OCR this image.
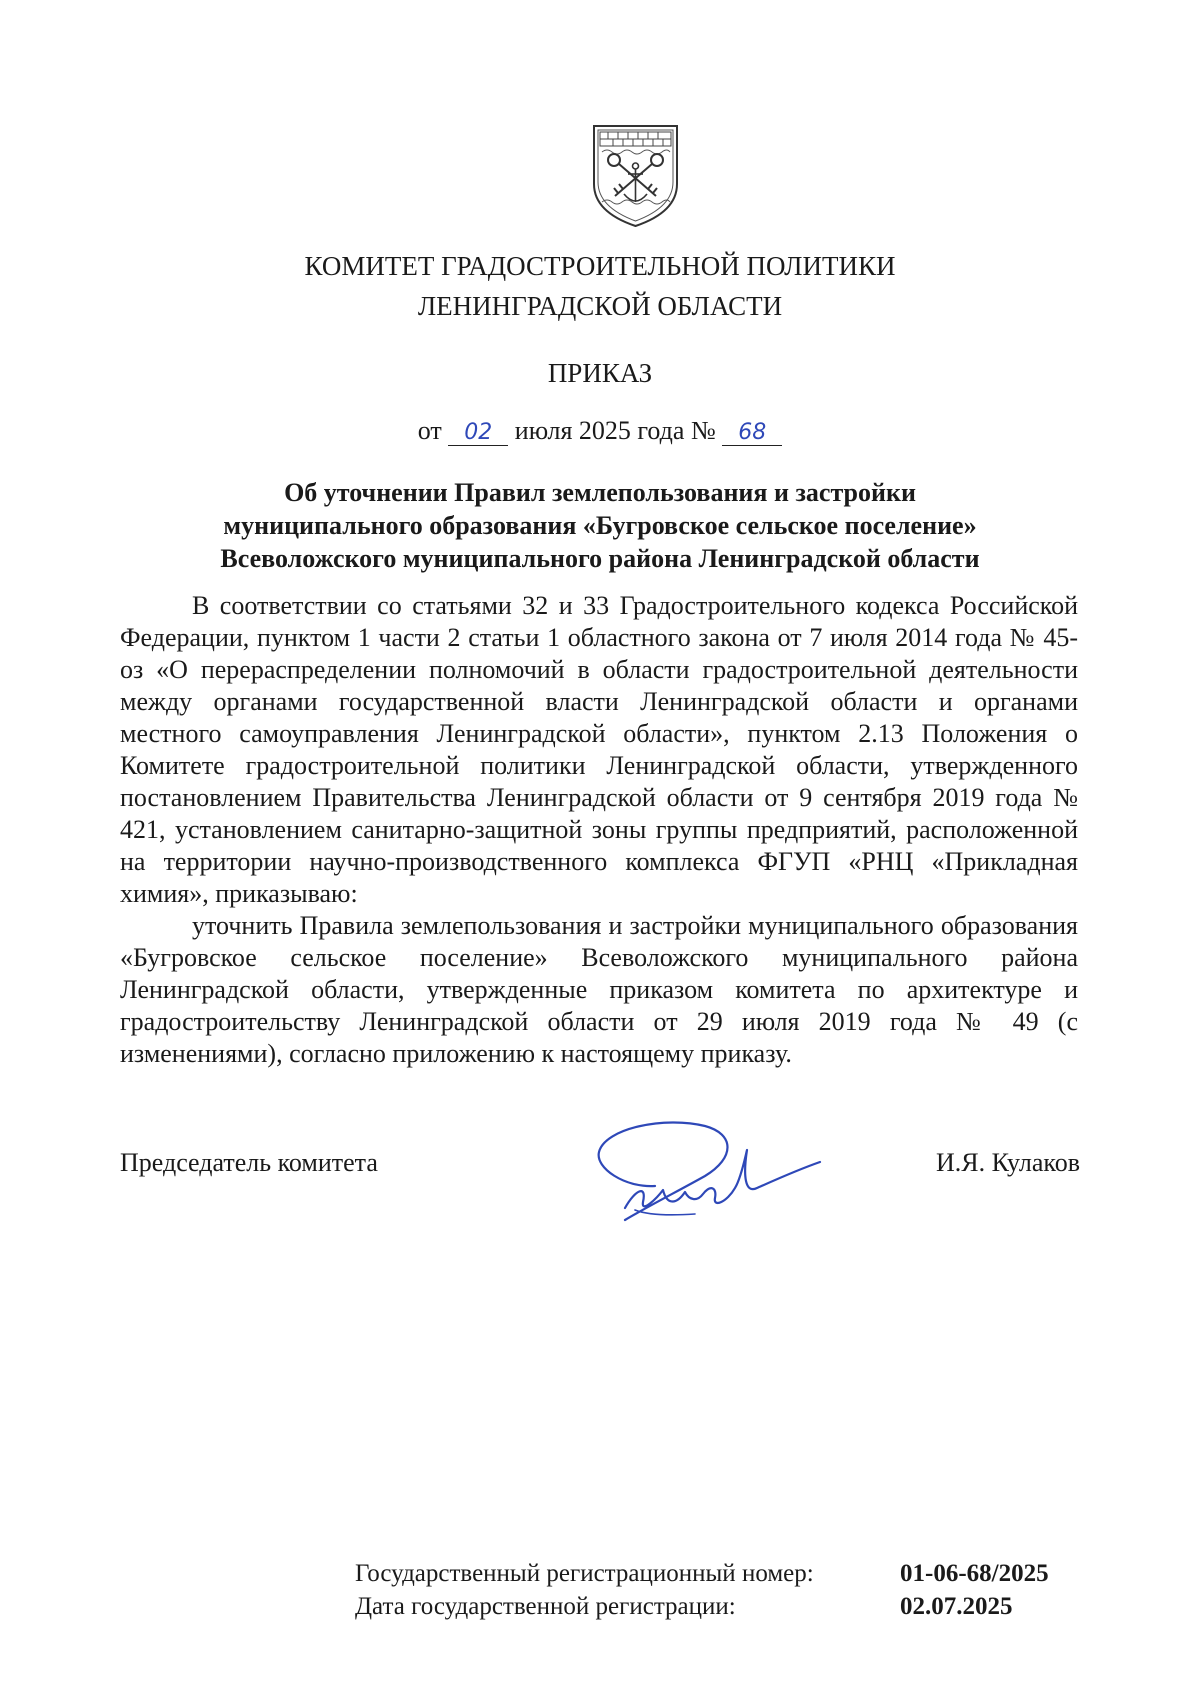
КОМИТЕТ ГРАДОСТРОИТЕЛЬНОЙ ПОЛИТИКИ
ЛЕНИНГРАДСКОЙ ОБЛАСТИ
ПРИКАЗ
от 02 июля 2025 года № 68
Об уточнении Правил землепользования и застройки
муниципального образования «Бугровское сельское поселение»
Всеволожского муниципального района Ленинградской области

В соответствии со статьями 32 и 33 Градостроительного кодекса Российской Федерации, пунктом 1 части 2 статьи 1 областного закона от 7 июля 2014 года № 45-оз «О перераспределении полномочий в области градостроительной деятельности между органами государственной власти Ленинградской области и органами местного самоуправления Ленинградской области», пунктом 2.13 Положения о Комитете градостроительной политики Ленинградской области, утвержденного постановлением Правительства Ленинградской области от 9 сентября 2019 года № 421, установлением санитарно-защитной зоны группы предприятий, расположенной на территории научно-производственного комплекса ФГУП «РНЦ «Прикладная химия», приказываю:

уточнить Правила землепользования и застройки муниципального образования «Бугровское сельское поселение» Всеволожского муниципального района Ленинградской области, утвержденные приказом комитета по архитектуре и градостроительству Ленинградской области от 29 июля 2019 года № 49 (с изменениями), согласно приложению к настоящему приказу.

Председатель комитета	И.Я. Кулаков
Государственный регистрационный номер:	01-06-68/2025
Дата государственной регистрации:	02.07.2025
